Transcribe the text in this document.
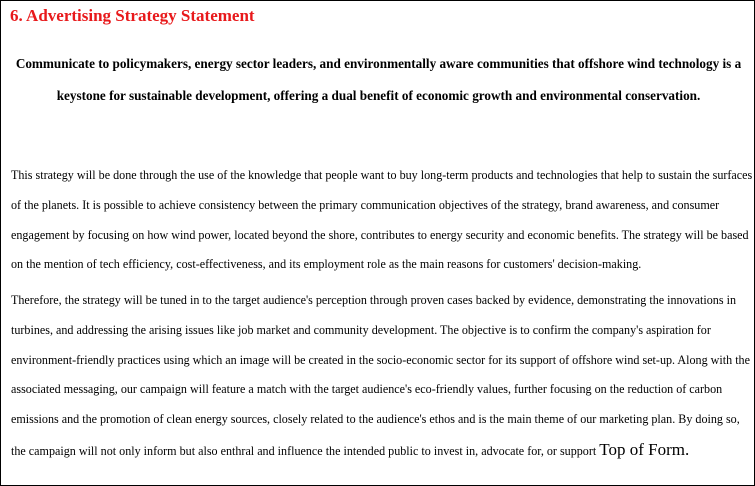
6. Advertising Strategy Statement

Communicate to policymakers, energy sector leaders, and environmentally aware communities that offshore wind technology is a
keystone for sustainable development, offering a dual benefit of economic growth and environmental conservation.

This strategy will be done through the use of the knowledge that people want to buy long-term products and technologies that help to sustain the surfaces
of the planets. It is possible to achieve consistency between the primary communication objectives of the strategy, brand awareness, and consumer
engagement by focusing on how wind power, located beyond the shore, contributes to energy security and economic benefits. The strategy will be based
on the mention of tech efficiency, cost-effectiveness, and its employment role as the main reasons for customers' decision-making.

Therefore, the strategy will be tuned in to the target audience's perception through proven cases backed by evidence, demonstrating the innovations in
turbines, and addressing the arising issues like job market and community development. The objective is to confirm the company's aspiration for
environment-friendly practices using which an image will be created in the socio-economic sector for its support of offshore wind set-up. Along with the
associated messaging, our campaign will feature a match with the target audience's eco-friendly values, further focusing on the reduction of carbon
emissions and the promotion of clean energy sources, closely related to the audience's ethos and is the main theme of our marketing plan. By doing so,
the campaign will not only inform but also enthral and influence the intended public to invest in, advocate for, or support Top of Form.
